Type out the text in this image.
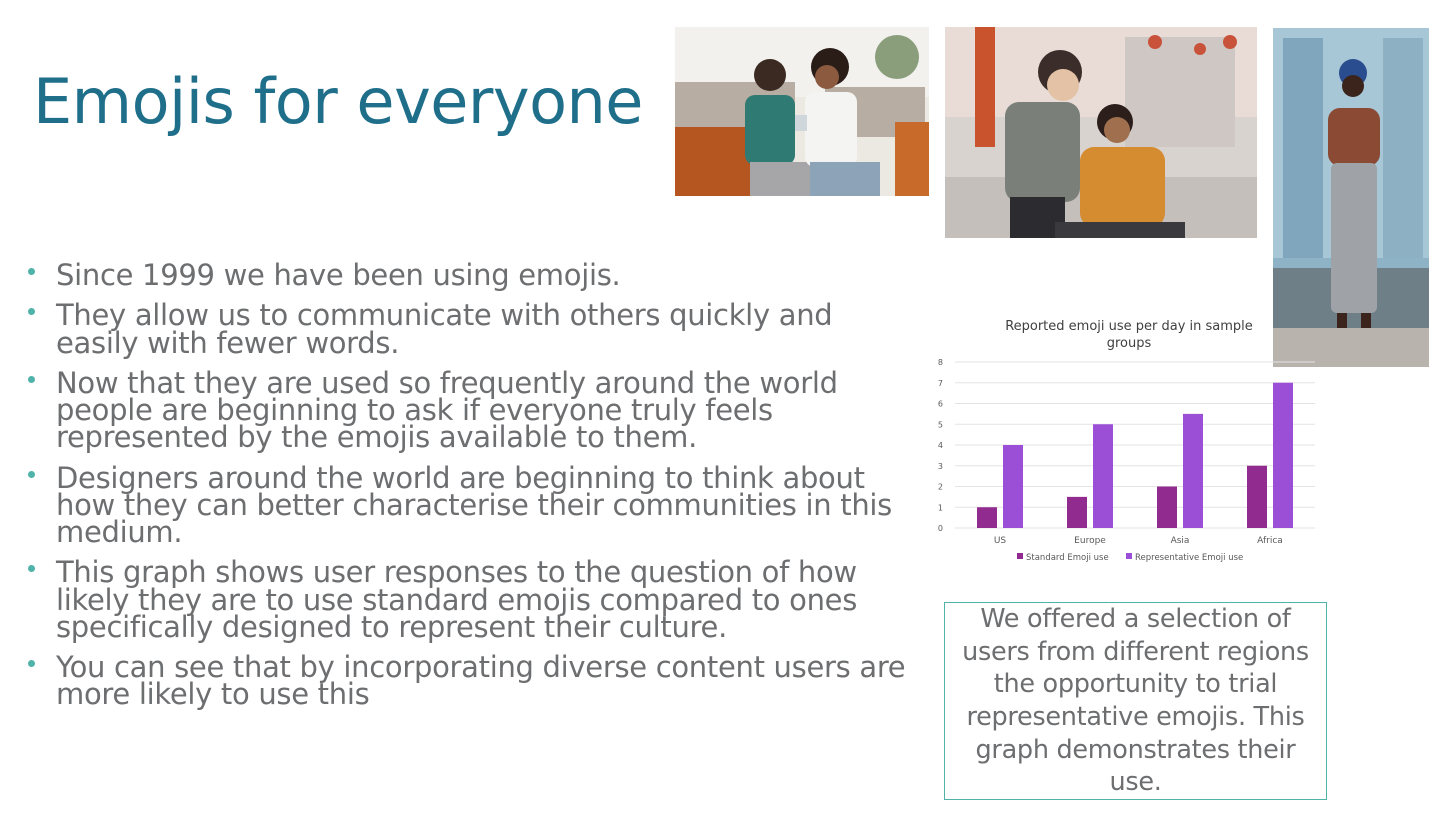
Emojis for everyone
Since 1999 we have been using emojis.
They allow us to communicate with others quickly and easily with fewer words.
Now that they are used so frequently around the world people are beginning to ask if everyone truly feels represented by the emojis available to them.
Designers around the world are beginning to think about how they can better characterise their communities in this medium.
This graph shows user responses to the question of how likely they are to use standard emojis compared to ones specifically designed to represent their culture.
You can see that by incorporating diverse content users are more likely to use this
Reported emoji use per day in sample groups
0
1
2
3
4
5
6
7
8
US	Europe	Asia	Africa
Standard Emoji use	Representative Emoji use
We offered a selection of users from different regions the opportunity to trial representative emojis. This graph demonstrates their use.
